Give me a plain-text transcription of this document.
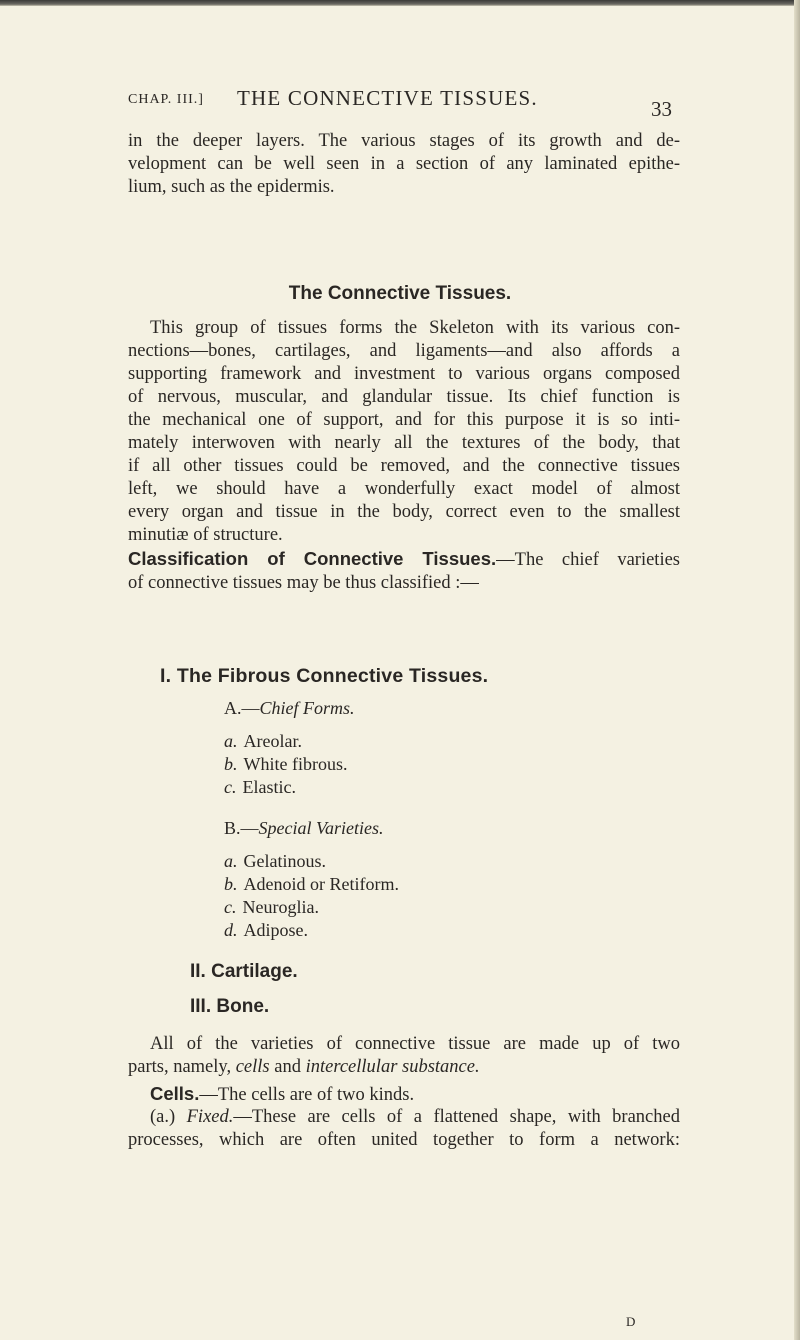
CHAP. III.] THE CONNECTIVE TISSUES.	33
in the deeper layers. The various stages of its growth and de-
velopment can be well seen in a section of any laminated epithe-
lium, such as the epidermis.
The Connective Tissues.
This group of tissues forms the Skeleton with its various con-
nections—bones, cartilages, and ligaments—and also affords a
supporting framework and investment to various organs composed
of nervous, muscular, and glandular tissue. Its chief function is
the mechanical one of support, and for this purpose it is so inti-
mately interwoven with nearly all the textures of the body, that
if all other tissues could be removed, and the connective tissues
left, we should have a wonderfully exact model of almost
every organ and tissue in the body, correct even to the smallest
minutiæ of structure.
Classification of Connective Tissues.—The chief varieties
of connective tissues may be thus classified :—
I. The Fibrous Connective Tissues.
A.—Chief Forms.
a. Areolar.
b. White fibrous.
c. Elastic.
B.—Special Varieties.
a. Gelatinous.
b. Adenoid or Retiform.
c. Neuroglia.
d. Adipose.
II. Cartilage.
III. Bone.
All of the varieties of connective tissue are made up of two
parts, namely, cells and intercellular substance.
Cells.—The cells are of two kinds.
(a.) Fixed.—These are cells of a flattened shape, with branched
processes, which are often united together to form a network:
D
